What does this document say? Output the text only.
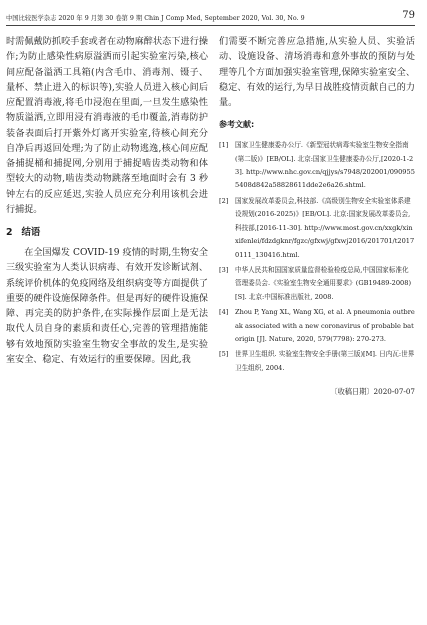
中国比较医学杂志 2020 年 9 月第 30 卷第 9 期 Chin J Comp Med, September 2020, Vol. 30, No. 9	79

时需佩戴防抓咬手套或者在动物麻醉状态下进行操作;为防止感染性病原溢洒而引起实验室污染,核心间应配备溢洒工具箱(内含毛巾、消毒剂、镊子、量杯、禁止进入的标识等),实验人员进入核心间后应配置消毒液,将毛巾浸泡在里面,一旦发生感染性物质溢洒,立即用浸有消毒液的毛巾覆盖,消毒防护装备表面后打开紫外灯离开实验室,待核心间充分自净后再返回处理;为了防止动物逃逸,核心间应配备捕捉桶和捕捉网,分别用于捕捉啮齿类动物和体型较大的动物,啮齿类动物跳落至地面时会有 3 秒钟左右的反应延迟,实验人员应充分利用该机会进行捕捉。

2 结语

在全国爆发 COVID-19 疫情的时期,生物安全三级实验室为人类认识病毒、有效开发诊断试剂、系统评价机体的免疫网络及组织病变等方面提供了重要的硬件设施保障条件。但是再好的硬件设施保障、再完美的防护条件,在实际操作层面上是无法取代人员自身的素质和责任心,完善的管理措施能够有效地预防实验室生物安全事故的发生,是实验室安全、稳定、有效运行的重要保障。因此,我

们需要不断完善应急措施,从实验人员、实验活动、设施设备、清场消毒和意外事故的预防与处理等几个方面加强实验室管理,保障实验室安全、稳定、有效的运行,为早日战胜疫情贡献自己的力量。

参考文献:
[1] 国家卫生健康委办公厅.《新型冠状病毒实验室生物安全指南(第二版)》[EB/OL]. 北京:国家卫生健康委办公厅,[2020-1-23]. http://www.nhc.gov.cn/qjjys/s7948/202001/0909555408d842a58828611dde2e6a26.shtml.
[2] 国家发展改革委员会,科技部.《高级别生物安全实验室体系建设规划(2016-2025)》[EB/OL]. 北京:国家发展改革委员会,科技部,[2016-11-30]. http://www.most.gov.cn/xxgk/xinxifenlei/fdzdgknr/fgzc/gfxwj/gfxwj2016/201701/t20170111_130416.html.
[3] 中华人民共和国国家质量监督检验检疫总局,中国国家标准化管理委员会.《实验室生物安全通用要求》(GB19489-2008)[S]. 北京:中国标准出版社, 2008.
[4] Zhou P, Yang XL, Wang XG, et al. A pneumonia outbreak associated with a new coronavirus of probable bat origin [J]. Nature, 2020, 579(7798): 270-273.
[5] 世界卫生组织. 实验室生物安全手册(第三版)[M]. 日内瓦:世界卫生组织, 2004.
〔收稿日期〕2020-07-07
